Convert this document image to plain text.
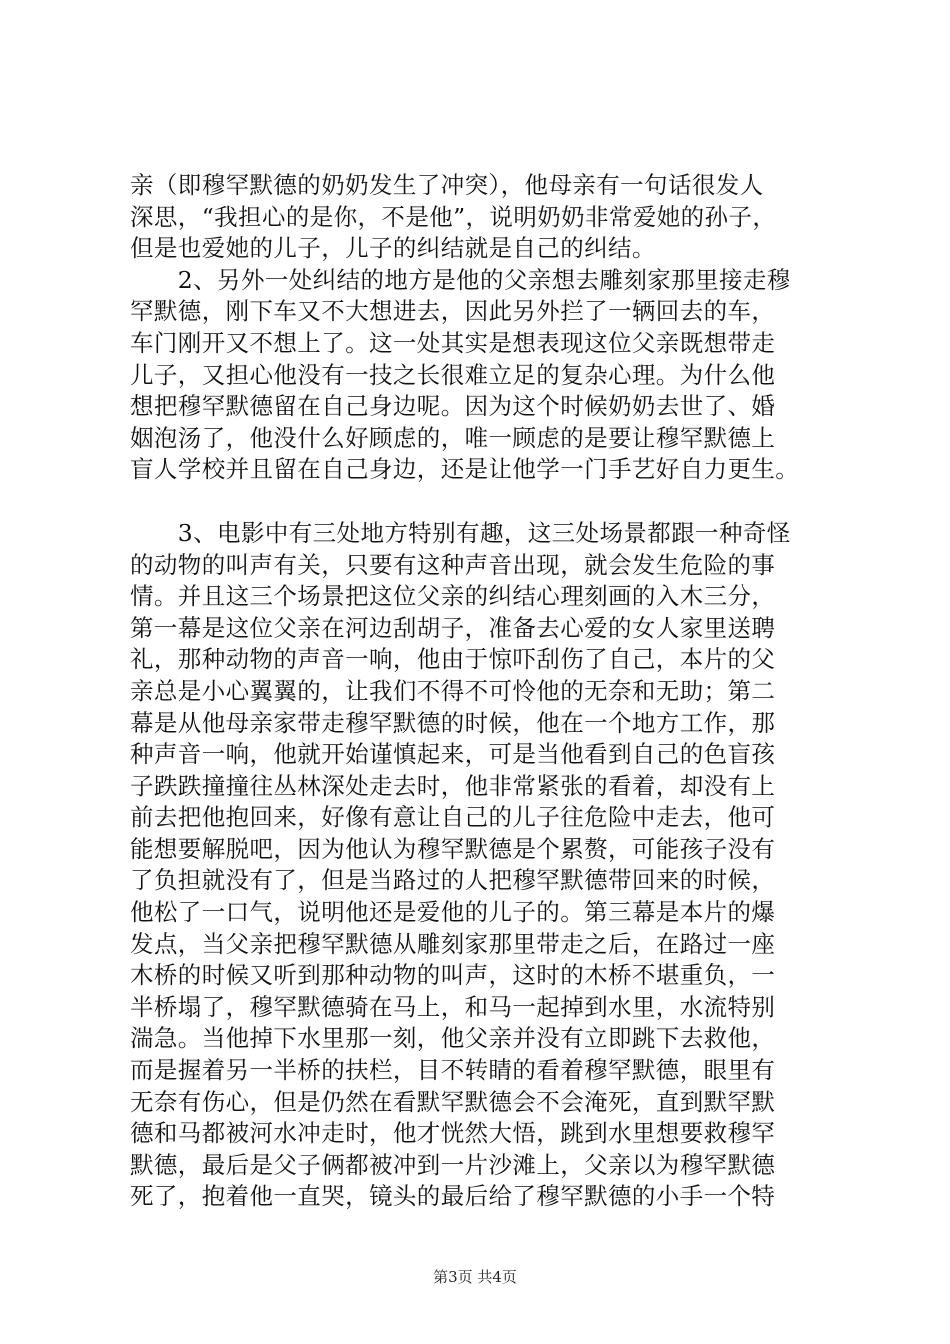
亲（即穆罕默德的奶奶发生了冲突），他母亲有一句话很发人
深思，“我担心的是你，不是他”，说明奶奶非常爱她的孙子，
但是也爱她的儿子，儿子的纠结就是自己的纠结。
　　2、另外一处纠结的地方是他的父亲想去雕刻家那里接走穆
罕默德，刚下车又不大想进去，因此另外拦了一辆回去的车，
车门刚开又不想上了。这一处其实是想表现这位父亲既想带走
儿子，又担心他没有一技之长很难立足的复杂心理。为什么他
想把穆罕默德留在自己身边呢。因为这个时候奶奶去世了、婚
姻泡汤了，他没什么好顾虑的，唯一顾虑的是要让穆罕默德上
盲人学校并且留在自己身边，还是让他学一门手艺好自力更生。
　　3、电影中有三处地方特别有趣，这三处场景都跟一种奇怪
的动物的叫声有关，只要有这种声音出现，就会发生危险的事
情。并且这三个场景把这位父亲的纠结心理刻画的入木三分，
第一幕是这位父亲在河边刮胡子，准备去心爱的女人家里送聘
礼，那种动物的声音一响，他由于惊吓刮伤了自己，本片的父
亲总是小心翼翼的，让我们不得不可怜他的无奈和无助；第二
幕是从他母亲家带走穆罕默德的时候，他在一个地方工作，那
种声音一响，他就开始谨慎起来，可是当他看到自己的色盲孩
子跌跌撞撞往丛林深处走去时，他非常紧张的看着，却没有上
前去把他抱回来，好像有意让自己的儿子往危险中走去，他可
能想要解脱吧，因为他认为穆罕默德是个累赘，可能孩子没有
了负担就没有了，但是当路过的人把穆罕默德带回来的时候，
他松了一口气，说明他还是爱他的儿子的。第三幕是本片的爆
发点，当父亲把穆罕默德从雕刻家那里带走之后，在路过一座
木桥的时候又听到那种动物的叫声，这时的木桥不堪重负，一
半桥塌了，穆罕默德骑在马上，和马一起掉到水里，水流特别
湍急。当他掉下水里那一刻，他父亲并没有立即跳下去救他，
而是握着另一半桥的扶栏，目不转睛的看着穆罕默德，眼里有
无奈有伤心，但是仍然在看默罕默德会不会淹死，直到默罕默
德和马都被河水冲走时，他才恍然大悟，跳到水里想要救穆罕
默德，最后是父子俩都被冲到一片沙滩上，父亲以为穆罕默德
死了，抱着他一直哭，镜头的最后给了穆罕默德的小手一个特
第3页 共4页
